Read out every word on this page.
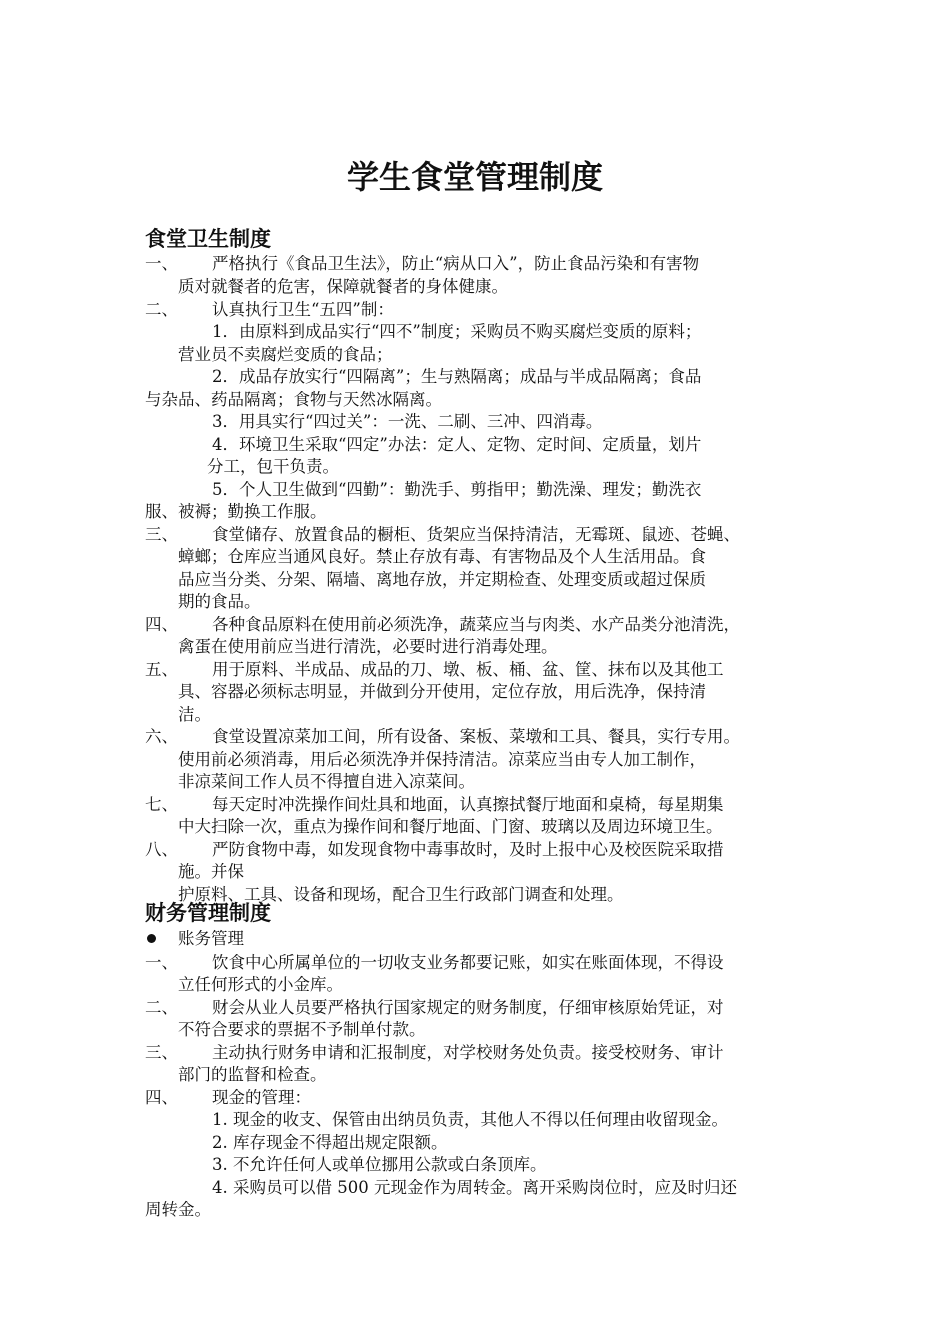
学生食堂管理制度
食堂卫生制度
一、 严格执行《食品卫生法》，防止“病从口入”，防止食品污染和有害物
质对就餐者的危害，保障就餐者的身体健康。
二、 认真执行卫生“五四”制：
1．由原料到成品实行“四不”制度；采购员不购买腐烂变质的原料；
营业员不卖腐烂变质的食品；
2．成品存放实行“四隔离”；生与熟隔离；成品与半成品隔离；食品
与杂品、药品隔离；食物与天然冰隔离。
3．用具实行“四过关”：一洗、二刷、三冲、四消毒。
4．环境卫生采取“四定”办法：定人、定物、定时间、定质量，划片
分工，包干负责。
5．个人卫生做到“四勤”：勤洗手、剪指甲；勤洗澡、理发；勤洗衣
服、被褥；勤换工作服。
三、 食堂储存、放置食品的橱柜、货架应当保持清洁，无霉斑、鼠迹、苍蝇、
蟑螂；仓库应当通风良好。禁止存放有毒、有害物品及个人生活用品。食
品应当分类、分架、隔墙、离地存放，并定期检查、处理变质或超过保质
期的食品。
四、 各种食品原料在使用前必须洗净，蔬菜应当与肉类、水产品类分池清洗，
禽蛋在使用前应当进行清洗，必要时进行消毒处理。
五、 用于原料、半成品、成品的刀、墩、板、桶、盆、筐、抹布以及其他工
具、容器必须标志明显，并做到分开使用，定位存放，用后洗净，保持清
洁。
六、 食堂设置凉菜加工间，所有设备、案板、菜墩和工具、餐具，实行专用。
使用前必须消毒，用后必须洗净并保持清洁。凉菜应当由专人加工制作，
非凉菜间工作人员不得擅自进入凉菜间。
七、 每天定时冲洗操作间灶具和地面，认真擦拭餐厅地面和桌椅，每星期集
中大扫除一次，重点为操作间和餐厅地面、门窗、玻璃以及周边环境卫生。
八、 严防食物中毒，如发现食物中毒事故时，及时上报中心及校医院采取措
施。并保
护原料、工具、设备和现场，配合卫生行政部门调查和处理。
财务管理制度
账务管理
一、 饮食中心所属单位的一切收支业务都要记账，如实在账面体现，不得设
立任何形式的小金库。
二、 财会从业人员要严格执行国家规定的财务制度，仔细审核原始凭证，对
不符合要求的票据不予制单付款。
三、 主动执行财务申请和汇报制度，对学校财务处负责。接受校财务、审计
部门的监督和检查。
四、 现金的管理：
1. 现金的收支、保管由出纳员负责，其他人不得以任何理由收留现金。
2. 库存现金不得超出规定限额。
3. 不允许任何人或单位挪用公款或白条顶库。
4. 采购员可以借 500 元现金作为周转金。离开采购岗位时，应及时归还
周转金。
